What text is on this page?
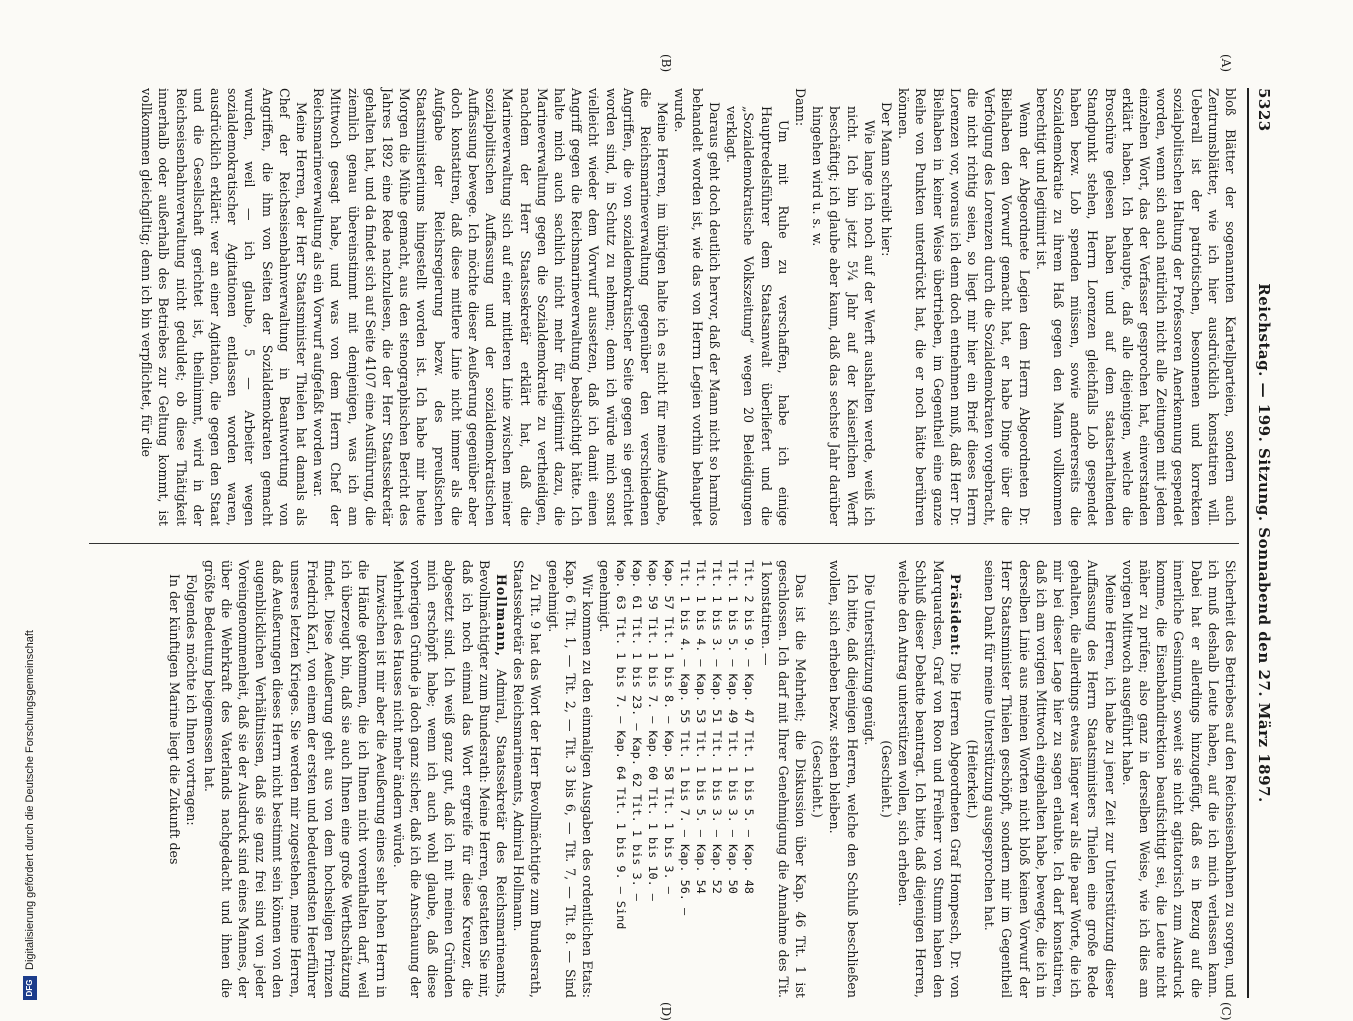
5323
Reichstag. — 199. Sitzung. Sonnabend den 27. März 1897.

bloß Blätter der sogenannten Kartellparteien, sondern auch Zentrumsblätter, wie ich hier ausdrücklich konstatiren will. Ueberall ist der patriotischen, besonnenen und korrekten sozialpolitischen Haltung der Professoren Anerkennung gespendet worden, wenn sich auch natürlich nicht alle Zeitungen mit jedem einzelnen Wort, das der Verfasser gesprochen hat, einverstanden erklärt haben. Ich behaupte, daß alle diejenigen, welche die Broschüre gelesen haben und auf dem staatserhaltenden Standpunkt stehen, Herrn Lorenzen gleichfalls Lob gespendet haben bezw. Lob spenden müssen, sowie andererseits die Sozialdemokratie zu ihrem Haß gegen den Mann vollkommen berechtigt und legitimirt ist.

Wenn der Abgeordnete Legien dem Herrn Abgeordneten Dr. Bielhaben den Vorwurf gemacht hat, er habe Dinge über die Verfolgung des Lorenzen durch die Sozialdemokraten vorgebracht, die nicht richtig seien, so liegt mir hier ein Brief dieses Herrn Lorenzen vor, woraus ich denn doch entnehmen muß, daß Herr Dr. Bielhaben in keiner Weise übertrieben, im Gegentheil eine ganze Reihe von Punkten unterdrückt hat, die er noch hätte berühren können.

Der Mann schreibt hier:

Wie lange ich noch auf der Werft aushalten werde, weiß ich nicht. Ich bin jetzt 5¼ Jahr auf der Kaiserlichen Werft beschäftigt; ich glaube aber kaum, daß das sechste Jahr darüber hingehen wird u. s. w.

Dann:

Um mit Ruhe zu verschaffen, habe ich einige Hauptredelsführer dem Staatsanwalt überliefert und die „Sozialdemokratische Volkszeitung“ wegen 20 Beleidigungen verklagt.

Daraus geht doch deutlich hervor, daß der Mann nicht so harmlos behandelt worden ist, wie das von Herrn Legien vorhin behauptet wurde.

Meine Herren, im übrigen halte ich es nicht für meine Aufgabe, die Reichsmarineverwaltung gegenüber den verschiedenen Angriffen, die von sozialdemokratischer Seite gegen sie gerichtet worden sind, in Schutz zu nehmen; denn ich würde mich sonst vielleicht wieder dem Vorwurf aussetzen, daß ich damit einen Angriff gegen die Reichsmarineverwaltung beabsichtigt hätte. Ich halte mich auch sachlich nicht mehr für legitimirt dazu, die Marineverwaltung gegen die Sozialdemokratie zu vertheidigen, nachdem der Herr Staatssekretär erklärt hat, daß die Marineverwaltung sich auf einer mittleren Linie zwischen meiner sozialpolitischen Auffassung und der sozialdemokratischen Auffassung bewege. Ich möchte dieser Aeußerung gegenüber aber doch konstatiren, daß diese mittlere Linie nicht immer als die Aufgabe der Reichsregierung bezw. des preußischen Staatsministeriums hingestellt worden ist. Ich habe mir heute Morgen die Mühe gemacht, aus den stenographischen Bericht des Jahres 1892 eine Rede nachzulesen, die der Herr Staatssekretär gehalten hat, und da findet sich auf Seite 4107 eine Ausführung, die ziemlich genau übereinstimmt mit demjenigen, was ich am Mittwoch gesagt habe, und was von dem Herrn Chef der Reichsmarineverwaltung als ein Vorwurf aufgefaßt worden war.

Meine Herren, der Herr Staatsminister Thielen hat damals als Chef der Reichseisenbahnverwaltung in Beantwortung von Angriffen, die ihm von Seiten der Sozialdemokraten gemacht wurden, weil — ich glaube, 5 — Arbeiter wegen sozialdemokratischer Agitationen entlassen worden waren, ausdrücklich erklärt: wer an einer Agitation, die gegen den Staat und die Gesellschaft gerichtet ist, theilnimmt, wird in der Reichseisenbahnverwaltung nicht geduldet; ob diese Thätigkeit innerhalb oder außerhalb des Betriebes zur Geltung kommt, ist vollkommen gleichgiltig; denn ich bin verpflichtet, für die

Sicherheit des Betriebes auf den Reichseisenbahnen zu sorgen, und ich muß deshalb Leute haben, auf die ich mich verlassen kann. Dabei hat er allerdings hinzugefügt, daß es in Bezug auf die innerliche Gesinnung, soweit sie nicht agitatorisch zum Ausdruck komme, die Eisenbahndirektion beaufsichtigt sei, die Leute nicht näher zu prüfen; also ganz in derselben Weise, wie ich dies am vorigen Mittwoch ausgeführt habe.

Meine Herren, ich habe zu jener Zeit zur Unterstützung dieser Auffassung des Herrn Staatsministers Thielen eine große Rede gehalten, die allerdings etwas länger war als die paar Worte, die ich mir bei dieser Lage hier zu sagen erlaubte. Ich darf konstatiren, daß ich am vorigen Mittwoch eingehalten habe, bewegte, die ich in derselben Linie aus meinen Worten nicht bloß keinen Vorwurf der Herr Staatsminister Thielen geschöpft, sondern mir im Gegentheil seinen Dank für meine Unterstützung ausgesprochen hat.

(Heiterkeit.)

Präsident: Die Herren Abgeordneten Graf Hompesch, Dr. von Marquardsen, Graf von Roon und Freiherr von Stumm haben den Schluß dieser Debatte beantragt. Ich bitte, daß diejenigen Herren, welche den Antrag unterstützen wollen, sich erheben.

(Geschieht.)

Die Unterstützung genügt.

Ich bitte, daß diejenigen Herren, welche den Schluß beschließen wollen, sich erheben bezw. stehen bleiben.

(Geschieht.)

Das ist die Mehrheit; die Diskussion über Kap. 46 Tit. 1 ist geschlossen. Ich darf mit Ihrer Genehmigung die Annahme des Tit. 1 konstatiren. —

Tit. 2 bis 9. — Kap. 47 Tit. 1 bis 5. — Kap. 48
Tit. 1 bis 5. — Kap. 49 Tit. 1 bis 3. — Kap. 50
Tit. 1 bis 3. — Kap. 51 Tit. 1 bis 3. — Kap. 52
Tit. 1 bis 4. — Kap. 53 Tit. 1 bis 5. — Kap. 54
Tit. 1 bis 4. — Kap. 55 Tit. 1 bis 7. — Kap. 56. —
Kap. 57 Tit. 1 bis 8. — Kap. 58 Tit. 1 bis 3. —
Kap. 59 Tit. 1 bis 7. — Kap. 60 Tit. 1 bis 10. —
Kap. 61 Tit. 1 bis 23. — Kap. 62 Tit. 1 bis 3. —
Kap. 63 Tit. 1 bis 7. — Kap. 64 Tit. 1 bis 9. — Sind

genehmigt.

Wir kommen zu den einmaligen Ausgaben des ordentlichen Etats: Kap. 6 Tit. 1, — Tit. 2, — Tit. 3 bis 6, — Tit. 7, — Tit. 8. — Sind genehmigt.

Zu Tit. 9 hat das Wort der Herr Bevollmächtigte zum Bundesrath, Staatssekretär des Reichsmarineamts, Admiral Hollmann.

Hollmann, Admiral, Staatssekretär des Reichsmarineamts, Bevollmächtigter zum Bundesrath: Meine Herren, gestatten Sie mir, daß ich noch einmal das Wort ergreife für diese Kreuzer, die abgesetzt sind. Ich weiß ganz gut, daß ich mit meinen Gründen mich erschöpft habe; wenn ich auch wohl glaube, daß diese vorherigen Gründe ja doch ganz sicher, daß ich die Anschauung der Mehrheit des Hauses nicht mehr ändern würde.

Inzwischen ist mir aber die Aeußerung eines sehr hohen Herrn in die Hände gekommen, die ich Ihnen nicht vorenthalten darf, weil ich überzeugt bin, daß sie auch Ihnen eine große Werthschätzung findet. Diese Aeußerung geht aus von dem hochseligen Prinzen Friedrich Karl, von einem der ersten und bedeutendsten Heerführer unseres letzten Krieges. Sie werden mir zugestehen, meine Herren, daß Aeußerungen dieses Herrn nicht bestimmt sein können von den augenblicklichen Verhältnissen, daß sie ganz frei sind von jeder Voreingenommenheit, daß sie der Ausdruck sind eines Mannes, der über die Wehrkraft des Vaterlands nachgedacht und ihnen die größte Bedeutung beigemessen hat.

Folgendes möchte ich Ihnen vortragen:

In der künftigen Marine liegt die Zukunft des

(A)
(B)
(C)
(D)
DFG
Digitalisierung gefördert durch die Deutsche Forschungsgemeinschaft
